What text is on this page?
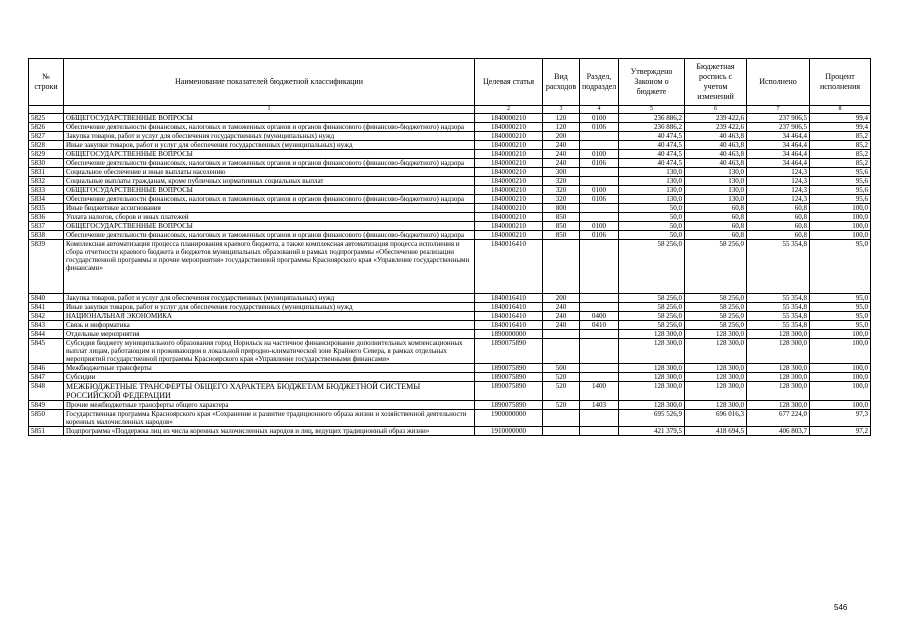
№ строки	Наименование показателей бюджетной классификации	Целевая статья	Вид расходов	Раздел, подраздел	Утверждено Законом о бюджете	Бюджетная роспись с учетом изменений	Исполнено	Процент исполнения
	1	2	3	4	5	6	7	8
5825	ОБЩЕГОСУДАРСТВЕННЫЕ ВОПРОСЫ	1840000210	120	0100	236 886,2	239 422,6	237 906,5	99,4
5826	Обеспечение деятельности финансовых, налоговых и таможенных органов и органов финансового (финансово-бюджетного) надзора	1840000210	120	0106	236 886,2	239 422,6	237 906,5	99,4
5827	Закупка товаров, работ и услуг для обеспечения государственных (муниципальных) нужд	1840000210	200		40 474,5	40 463,8	34 464,4	85,2
5828	Иные закупки товаров, работ и услуг для обеспечения государственных (муниципальных) нужд	1840000210	240		40 474,5	40 463,8	34 464,4	85,2
5829	ОБЩЕГОСУДАРСТВЕННЫЕ ВОПРОСЫ	1840000210	240	0100	40 474,5	40 463,8	34 464,4	85,2
5830	Обеспечение деятельности финансовых, налоговых и таможенных органов и органов финансового (финансово-бюджетного) надзора	1840000210	240	0106	40 474,5	40 463,8	34 464,4	85,2
5831	Социальное обеспечение и иные выплаты населению	1840000210	300		130,0	130,0	124,3	95,6
5832	Социальные выплаты гражданам, кроме публичных нормативных социальных выплат	1840000210	320		130,0	130,0	124,3	95,6
5833	ОБЩЕГОСУДАРСТВЕННЫЕ ВОПРОСЫ	1840000210	320	0100	130,0	130,0	124,3	95,6
5834	Обеспечение деятельности финансовых, налоговых и таможенных органов и органов финансового (финансово-бюджетного) надзора	1840000210	320	0106	130,0	130,0	124,3	95,6
5835	Иные бюджетные ассигнования	1840000210	800		50,0	60,8	60,8	100,0
5836	Уплата налогов, сборов и иных платежей	1840000210	850		50,0	60,8	60,8	100,0
5837	ОБЩЕГОСУДАРСТВЕННЫЕ ВОПРОСЫ	1840000210	850	0100	50,0	60,8	60,8	100,0
5838	Обеспечение деятельности финансовых, налоговых и таможенных органов и органов финансового (финансово-бюджетного) надзора	1840000210	850	0106	50,0	60,8	60,8	100,0
5839	Комплексная автоматизация процесса планирования краевого бюджета, а также комплексная автоматизация процесса исполнения и сбора отчетности краевого бюджета и бюджетов муниципальных образований в рамках подпрограммы «Обеспечение реализации государственной программы и прочие мероприятия» государственной программы Красноярского края «Управление государственными финансами»	1840016410			58 256,0	58 256,0	55 354,8	95,0
5840	Закупка товаров, работ и услуг для обеспечения государственных (муниципальных) нужд	1840016410	200		58 256,0	58 256,0	55 354,8	95,0
5841	Иные закупки товаров, работ и услуг для обеспечения государственных (муниципальных) нужд	1840016410	240		58 256,0	58 256,0	55 354,8	95,0
5842	НАЦИОНАЛЬНАЯ ЭКОНОМИКА	1840016410	240	0400	58 256,0	58 256,0	55 354,8	95,0
5843	Связь и информатика	1840016410	240	0410	58 256,0	58 256,0	55 354,8	95,0
5844	Отдельные мероприятия	1890000000			128 300,0	128 300,0	128 300,0	100,0
5845	Субсидия бюджету муниципального образования город Норильск на частичное финансирование дополнительных компенсационных выплат лицам, работающим и проживающим в локальной природно-климатической зоне Крайнего Севера, в рамках отдельных мероприятий государственной программы Красноярского края «Управление государственными финансами»	1890075890			128 300,0	128 300,0	128 300,0	100,0
5846	Межбюджетные трансферты	1890075890	500		128 300,0	128 300,0	128 300,0	100,0
5847	Субсидии	1890075890	520		128 300,0	128 300,0	128 300,0	100,0
5848	МЕЖБЮДЖЕТНЫЕ ТРАНСФЕРТЫ ОБЩЕГО ХАРАКТЕРА БЮДЖЕТАМ БЮДЖЕТНОЙ СИСТЕМЫ РОССИЙСКОЙ ФЕДЕРАЦИИ	1890075890	520	1400	128 300,0	128 300,0	128 300,0	100,0
5849	Прочие межбюджетные трансферты общего характера	1890075890	520	1403	128 300,0	128 300,0	128 300,0	100,0
5850	Государственная программа Красноярского края «Сохранение и развитие традиционного образа жизни и хозяйственной деятельности коренных малочисленных народов»	1900000000			695 526,9	696 016,3	677 224,0	97,3
5851	Подпрограмма «Поддержка лиц из числа коренных малочисленных народов и лиц, ведущих традиционный образ жизни»	1910000000			421 379,5	418 694,5	406 803,7	97,2
546
